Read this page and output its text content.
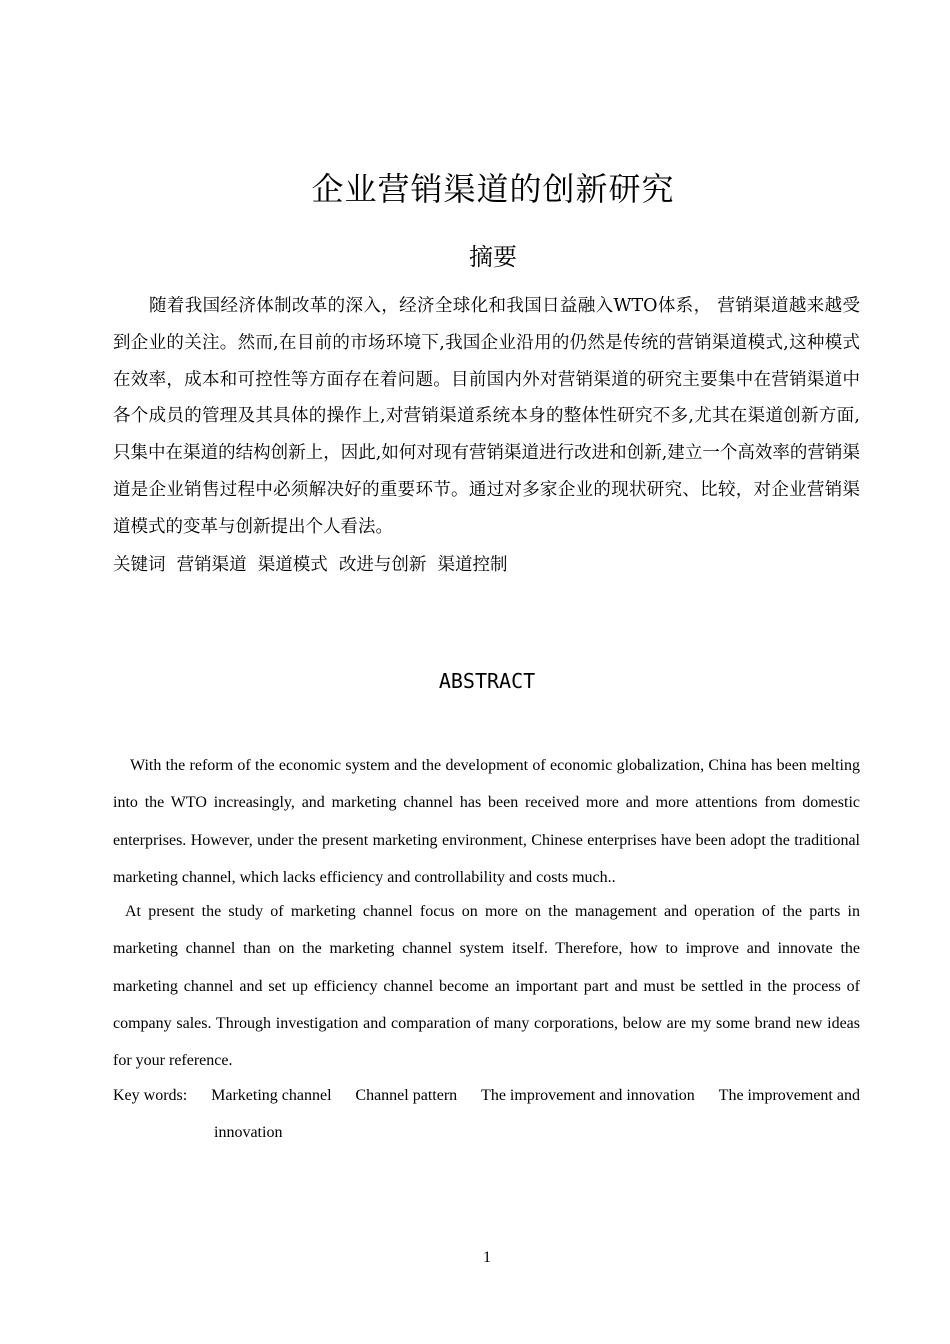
企业营销渠道的创新研究
摘要

随着我国经济体制改革的深入，经济全球化和我国日益融入WTO体系， 营销渠道越来越受到企业的关注。然而,在目前的市场环境下,我国企业沿用的仍然是传统的营销渠道模式,这种模式在效率，成本和可控性等方面存在着问题。目前国内外对营销渠道的研究主要集中在营销渠道中各个成员的管理及其具体的操作上,对营销渠道系统本身的整体性研究不多,尤其在渠道创新方面,只集中在渠道的结构创新上，因此,如何对现有营销渠道进行改进和创新,建立一个高效率的营销渠道是企业销售过程中必须解决好的重要环节。通过对多家企业的现状研究、比较，对企业营销渠道模式的变革与创新提出个人看法。

关键词  营销渠道  渠道模式  改进与创新  渠道控制

ABSTRACT

With the reform of the economic system and the development of economic globalization, China has been melting into the WTO increasingly, and marketing channel has been received more and more attentions from domestic enterprises. However, under the present marketing environment, Chinese enterprises have been adopt the traditional marketing channel, which lacks efficiency and controllability and costs much..

At present the study of marketing channel focus on more on the management and operation of the parts in marketing channel than on the marketing channel system itself. Therefore, how to improve and innovate the marketing channel and set up efficiency channel become an important part and must be settled in the process of company sales. Through investigation and comparation of many corporations, below are my some brand new ideas for your reference.

Key words: Marketing channel Channel pattern The improvement and innovation The improvement and
innovation
1
